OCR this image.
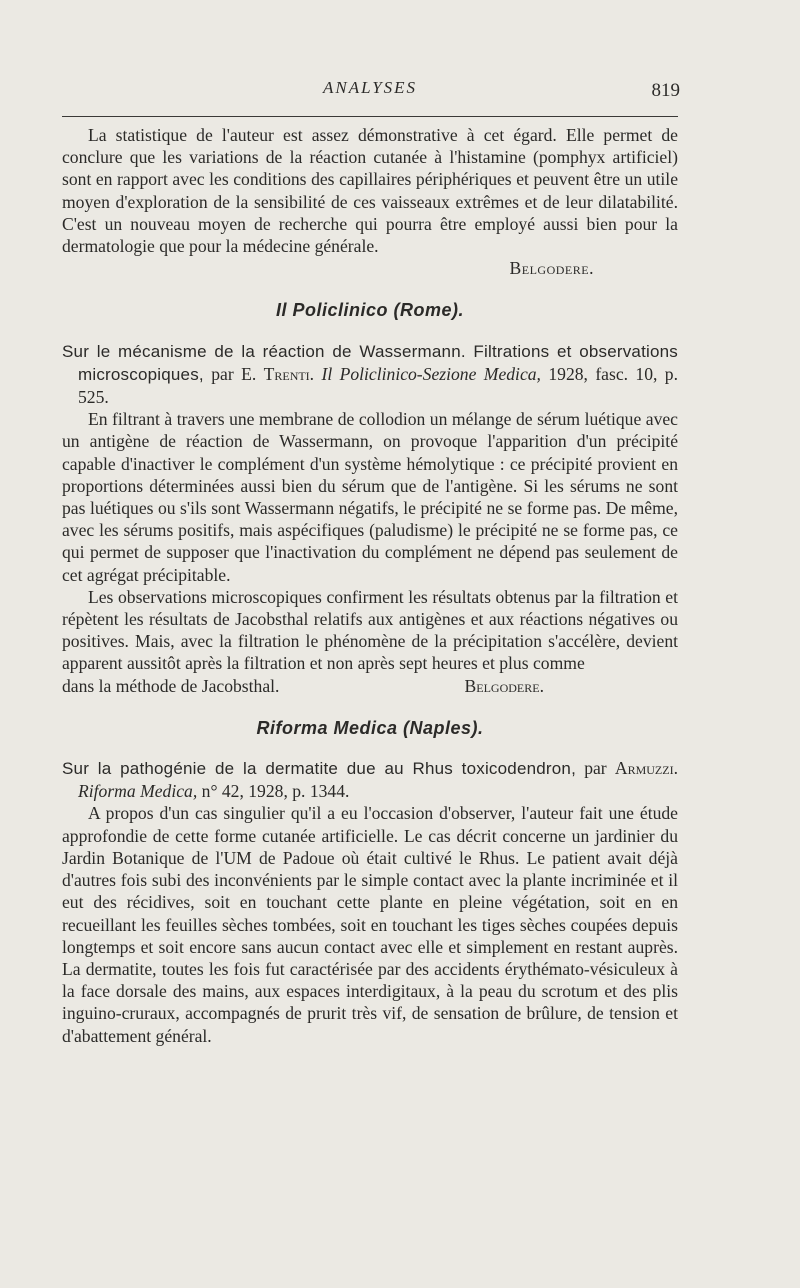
ANALYSES	819

La statistique de l'auteur est assez démonstrative à cet égard. Elle permet de conclure que les variations de la réaction cutanée à l'histamine (pomphyx artificiel) sont en rapport avec les conditions des capillaires périphériques et peuvent être un utile moyen d'exploration de la sensibilité de ces vaisseaux extrêmes et de leur dilatabilité. C'est un nouveau moyen de recherche qui pourra être employé aussi bien pour la dermatologie que pour la médecine générale.

Belgodere.

Il Policlinico (Rome).

Sur le mécanisme de la réaction de Wassermann. Filtrations et observations microscopiques, par E. Trenti. Il Policlinico-Sezione Medica, 1928, fasc. 10, p. 525.

En filtrant à travers une membrane de collodion un mélange de sérum luétique avec un antigène de réaction de Wassermann, on provoque l'apparition d'un précipité capable d'inactiver le complément d'un système hémolytique : ce précipité provient en proportions déterminées aussi bien du sérum que de l'antigène. Si les sérums ne sont pas luétiques ou s'ils sont Wassermann négatifs, le précipité ne se forme pas. De même, avec les sérums positifs, mais aspécifiques (paludisme) le précipité ne se forme pas, ce qui permet de supposer que l'inactivation du complément ne dépend pas seulement de cet agrégat précipitable.

Les observations microscopiques confirment les résultats obtenus par la filtration et répètent les résultats de Jacobsthal relatifs aux antigènes et aux réactions négatives ou positives. Mais, avec la filtration le phénomène de la précipitation s'accélère, devient apparent aussitôt après la filtration et non après sept heures et plus comme

dans la méthode de Jacobsthal.	Belgodere.

Riforma Medica (Naples).

Sur la pathogénie de la dermatite due au Rhus toxicodendron, par Armuzzi. Riforma Medica, n° 42, 1928, p. 1344.

A propos d'un cas singulier qu'il a eu l'occasion d'observer, l'auteur fait une étude approfondie de cette forme cutanée artificielle. Le cas décrit concerne un jardinier du Jardin Botanique de l'UM de Padoue où était cultivé le Rhus. Le patient avait déjà d'autres fois subi des inconvénients par le simple contact avec la plante incriminée et il eut des récidives, soit en touchant cette plante en pleine végétation, soit en en recueillant les feuilles sèches tombées, soit en touchant les tiges sèches coupées depuis longtemps et soit encore sans aucun contact avec elle et simplement en restant auprès. La dermatite, toutes les fois fut caractérisée par des accidents érythémato-vésiculeux à la face dorsale des mains, aux espaces interdigitaux, à la peau du scrotum et des plis inguino-cruraux, accompagnés de prurit très vif, de sensation de brûlure, de tension et d'abattement général.
